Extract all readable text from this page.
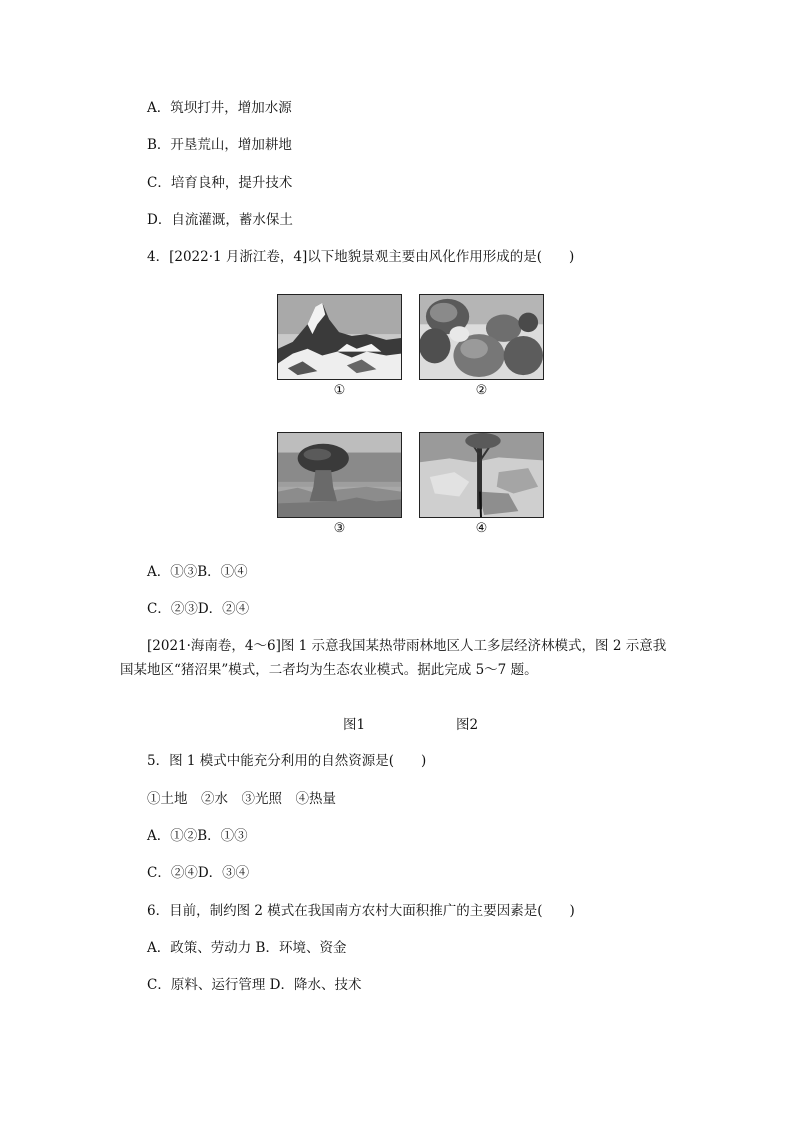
A．筑坝打井，增加水源
B．开垦荒山，增加耕地
C．培育良种，提升技术
D．自流灌溉，蓄水保土
4．[2022·1 月浙江卷，4]以下地貌景观主要由风化作用形成的是(　　)
①	②
③	④
A．①③B．①④
C．②③D．②④
[2021·海南卷，4～6]图 1 示意我国某热带雨林地区人工多层经济林模式，图 2 示意我
国某地区“猪沼果”模式，二者均为生态农业模式。据此完成 5～7 题。
图1	图2
5．图 1 模式中能充分利用的自然资源是(　　)
①土地　②水　③光照　④热量
A．①②B．①③
C．②④D．③④
6．目前，制约图 2 模式在我国南方农村大面积推广的主要因素是(　　)
A．政策、劳动力 B．环境、资金
C．原料、运行管理 D．降水、技术
